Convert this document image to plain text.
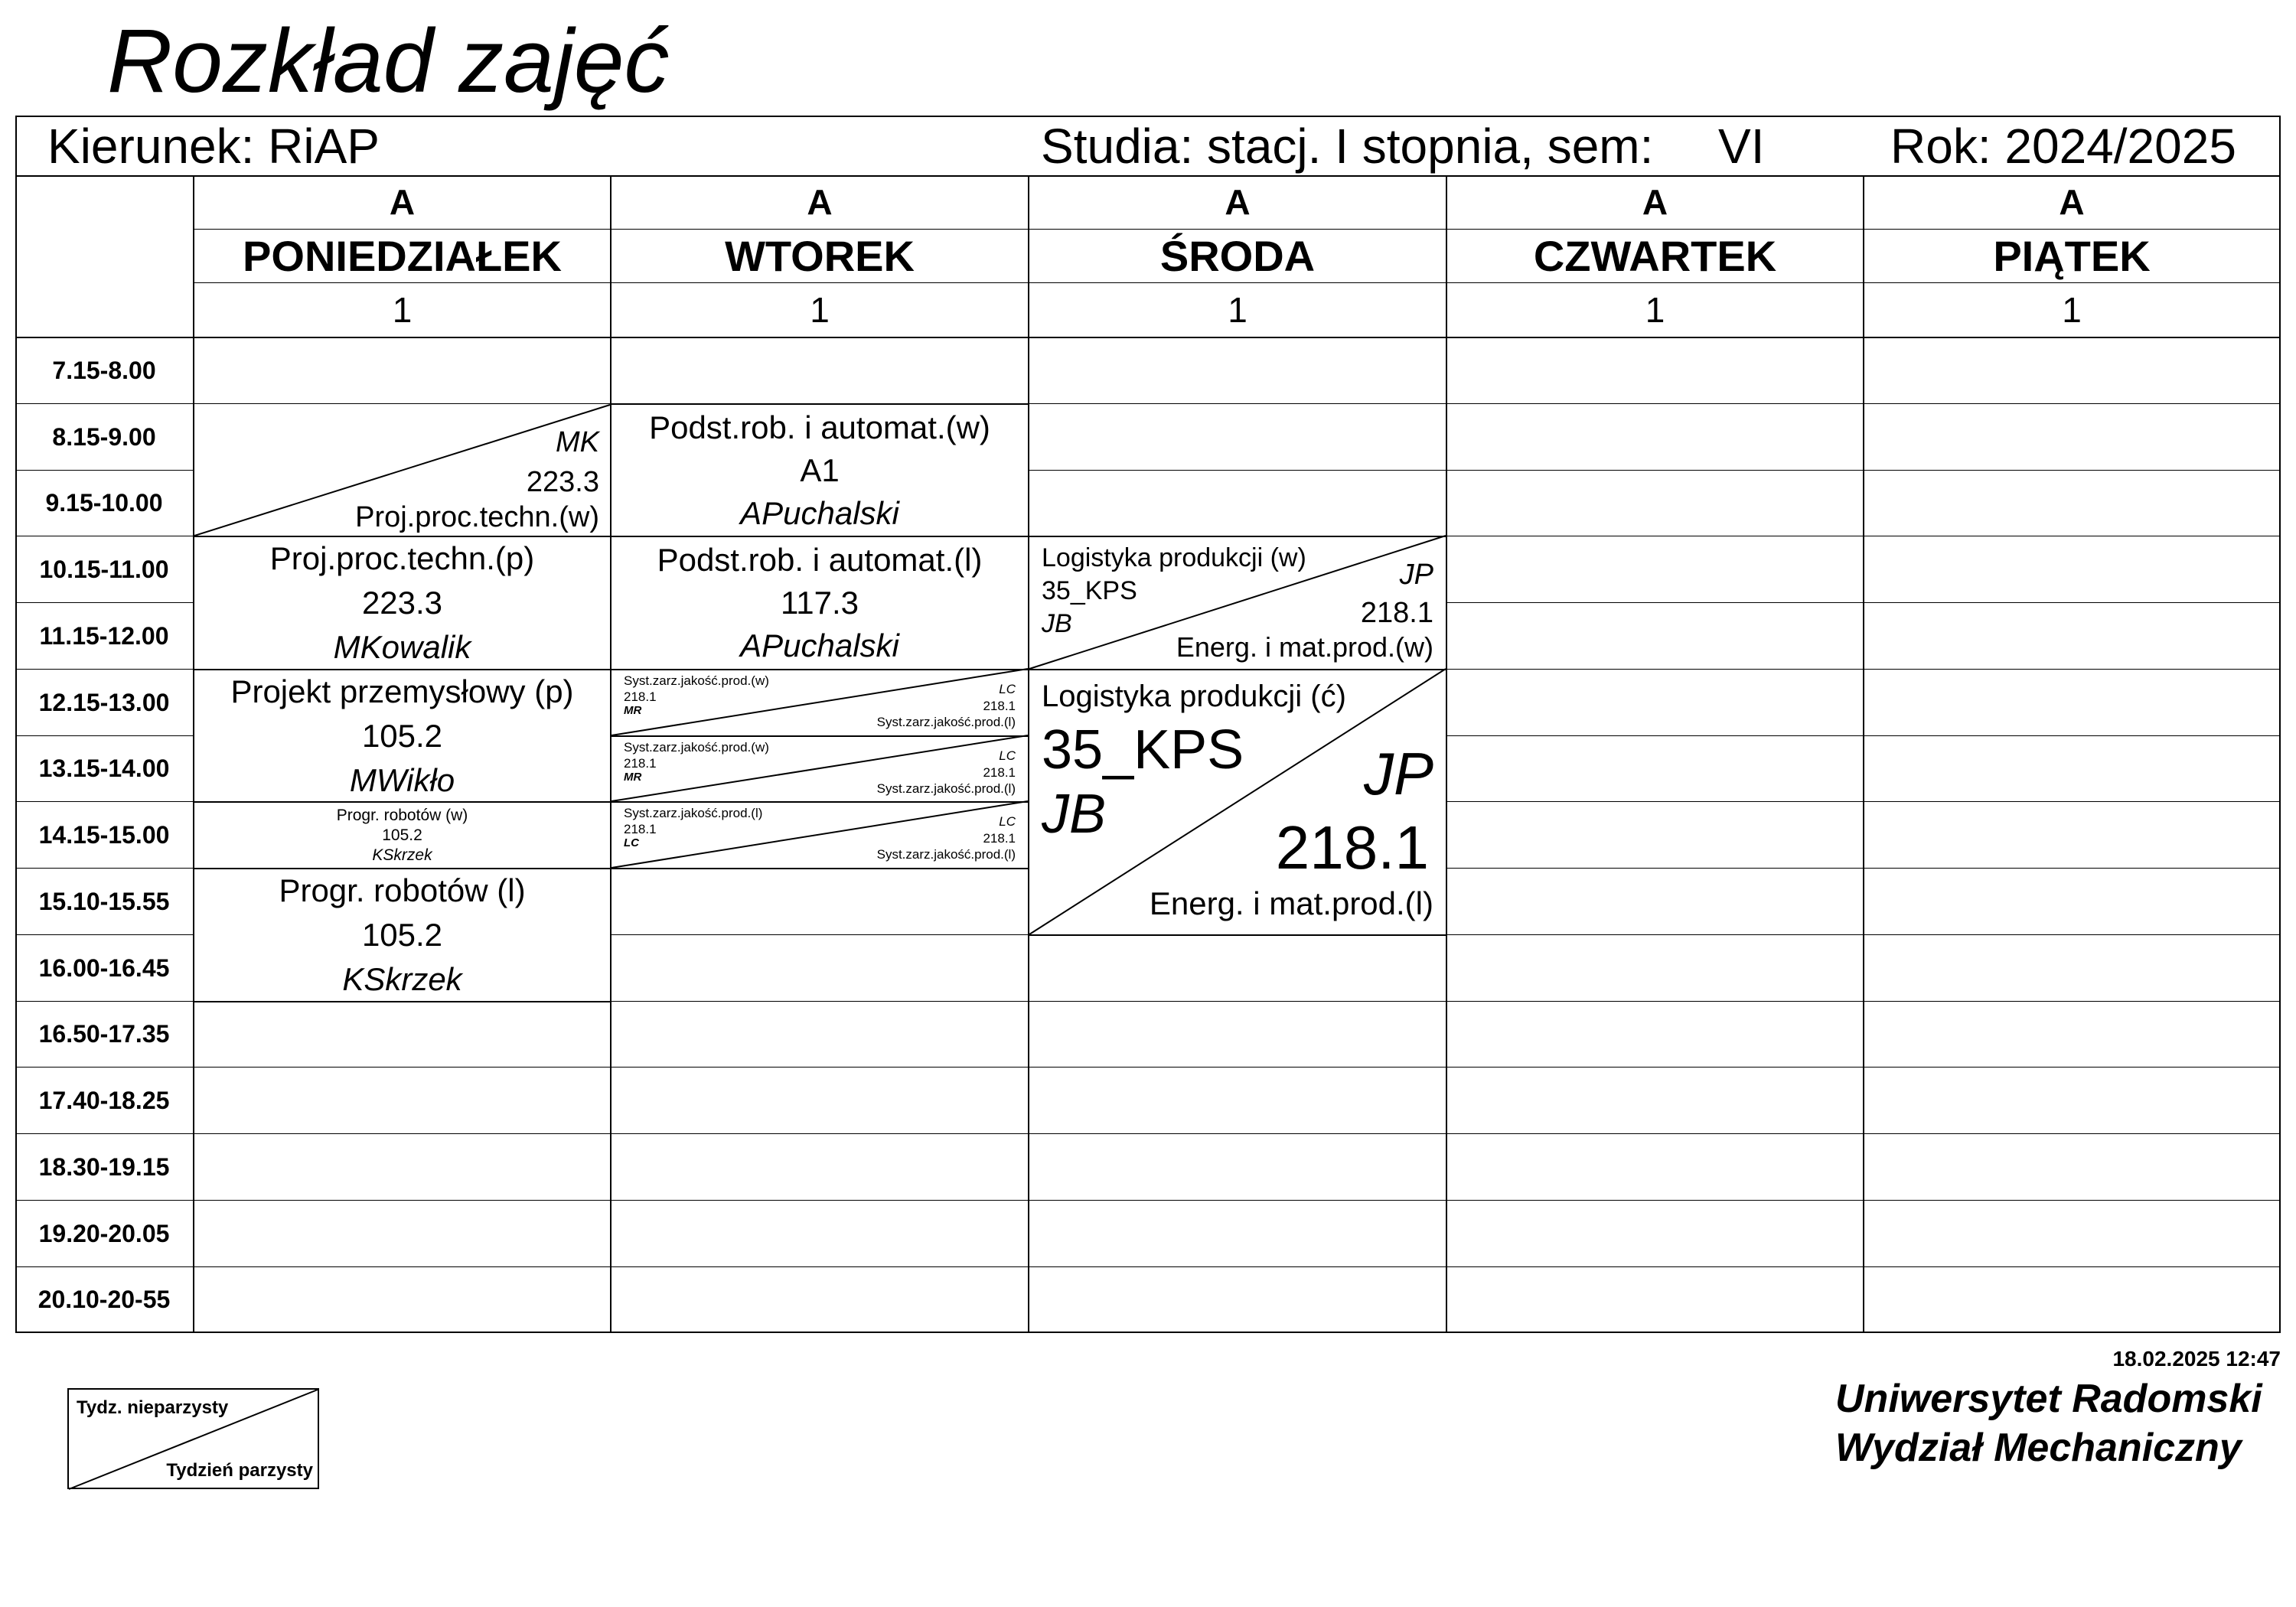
Rozkład zajęć
Kierunek: RiAP	Studia: stacj. I stopnia, sem: VI	Rok: 2024/2025
A
PONIEDZIAŁEK
1
A
WTOREK
1
A
ŚRODA
1
A
CZWARTEK
1
A
PIĄTEK
1
7.15-8.00
8.15-9.00
9.15-10.00
10.15-11.00
11.15-12.00
12.15-13.00
13.15-14.00
14.15-15.00
15.10-15.55
16.00-16.45
16.50-17.35
17.40-18.25
18.30-19.15
19.20-20.05
20.10-20-55
MK
223.3
Proj.proc.techn.(w)
Proj.proc.techn.(p)
223.3
MKowalik
Projekt przemysłowy (p)
105.2
MWikło
Progr. robotów (w)
105.2
KSkrzek
Progr. robotów (l)
105.2
KSkrzek
Podst.rob. i automat.(w)
A1
APuchalski
Podst.rob. i automat.(l)
117.3
APuchalski
Syst.zarz.jakość.prod.(w)
218.1
MR
LC
218.1
Syst.zarz.jakość.prod.(l)
Syst.zarz.jakość.prod.(w)
218.1
MR
LC
218.1
Syst.zarz.jakość.prod.(l)
Syst.zarz.jakość.prod.(l)
218.1
LC
LC
218.1
Syst.zarz.jakość.prod.(l)
Logistyka produkcji (w)
35_KPS
JB
JP
218.1
Energ. i mat.prod.(w)
Logistyka produkcji (ć)
35_KPS
JB
JP
218.1
Energ. i mat.prod.(l)
18.02.2025 12:47
Uniwersytet Radomski
Wydział Mechaniczny
Tydz. nieparzysty
Tydzień parzysty
